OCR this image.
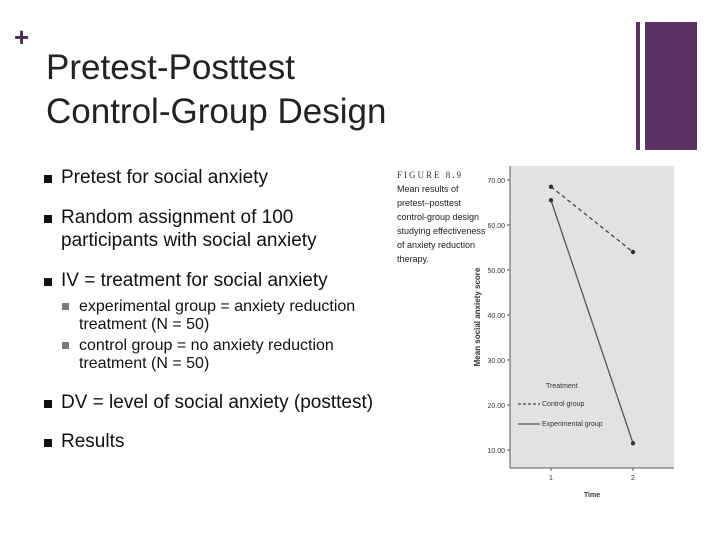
+
Pretest-Posttest
Control-Group Design
Pretest for social anxiety
Random assignment of 100 participants with social anxiety
IV = treatment for social anxiety
experimental group = anxiety reduction treatment (N = 50)
control group = no anxiety reduction treatment (N = 50)
DV = level of social anxiety (posttest)
Results
FIGURE 8.9
Mean results of
pretest–posttest
control-group design
studying effectiveness
of anxiety reduction
therapy.
10.00
20.00
30.00
40.00
50.00
60.00
70.00
1	2
Time
Mean social anxiety score
Treatment
Control group
Experimental group
